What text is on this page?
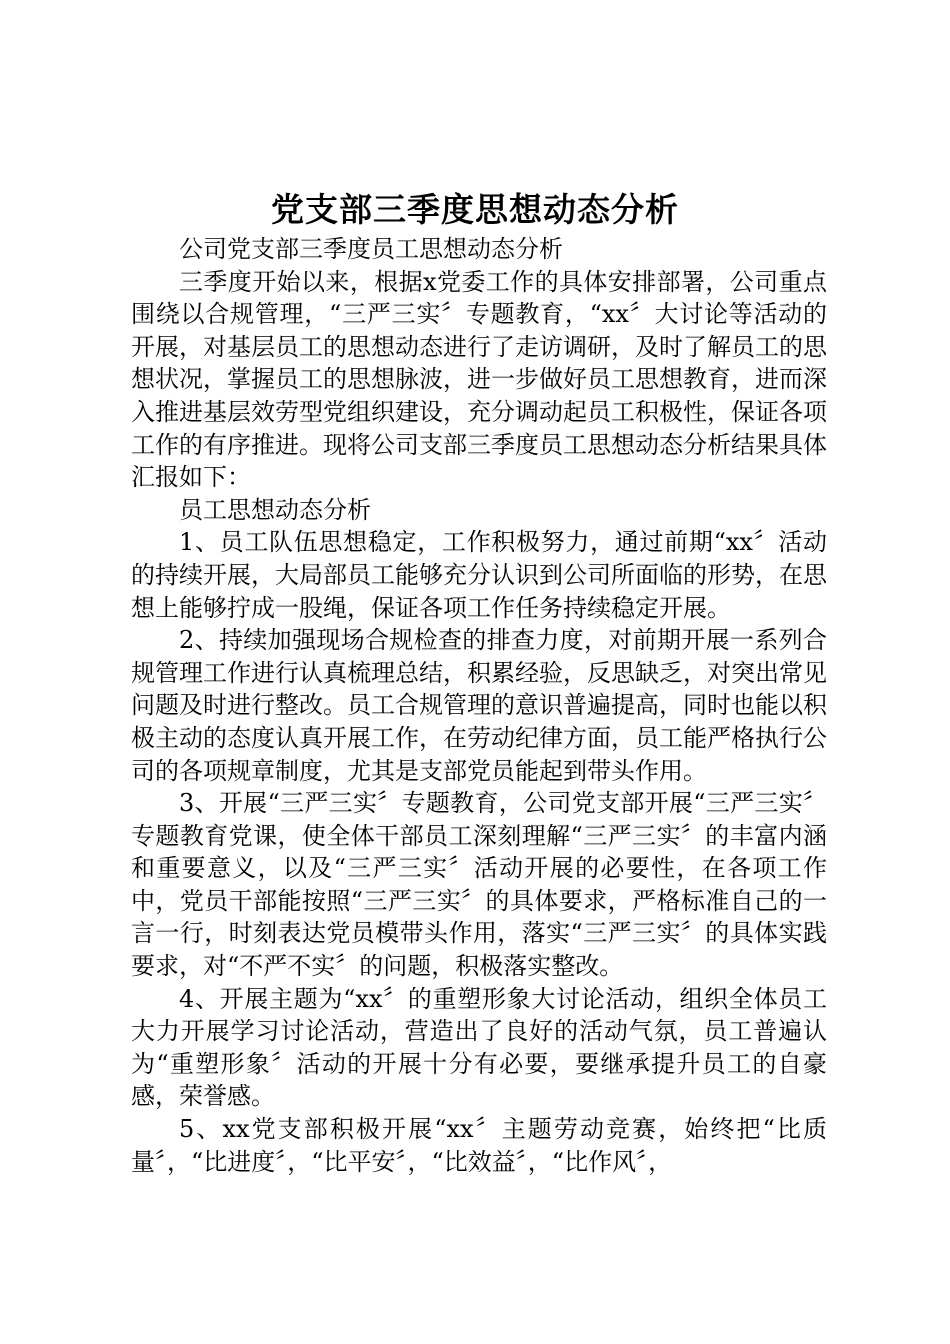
党支部三季度思想动态分析

公司党支部三季度员工思想动态分析

三季度开始以来，根据x党委工作的具体安排部署，公司重点围绕以合规管理，“三严三实〞专题教育，“xx〞大讨论等活动的开展，对基层员工的思想动态进行了走访调研，及时了解员工的思想状况，掌握员工的思想脉波，进一步做好员工思想教育，进而深入推进基层效劳型党组织建设，充分调动起员工积极性，保证各项工作的有序推进。现将公司支部三季度员工思想动态分析结果具体汇报如下：

员工思想动态分析

1、员工队伍思想稳定，工作积极努力，通过前期“xx〞活动的持续开展，大局部员工能够充分认识到公司所面临的形势，在思想上能够拧成一股绳，保证各项工作任务持续稳定开展。

2、持续加强现场合规检查的排查力度，对前期开展一系列合规管理工作进行认真梳理总结，积累经验，反思缺乏，对突出常见问题及时进行整改。员工合规管理的意识普遍提高，同时也能以积极主动的态度认真开展工作，在劳动纪律方面，员工能严格执行公司的各项规章制度，尤其是支部党员能起到带头作用。

3、开展“三严三实〞专题教育，公司党支部开展“三严三实〞专题教育党课，使全体干部员工深刻理解“三严三实〞的丰富内涵和重要意义，以及“三严三实〞活动开展的必要性，在各项工作中，党员干部能按照“三严三实〞的具体要求，严格标准自己的一言一行，时刻表达党员模带头作用，落实“三严三实〞的具体实践要求，对“不严不实〞的问题，积极落实整改。

4、开展主题为“xx〞的重塑形象大讨论活动，组织全体员工大力开展学习讨论活动，营造出了良好的活动气氛，员工普遍认为“重塑形象〞活动的开展十分有必要，要继承提升员工的自豪感，荣誉感。

5、xx党支部积极开展“xx〞主题劳动竞赛，始终把“比质量〞，“比进度〞，“比平安〞，“比效益〞，“比作风〞，
